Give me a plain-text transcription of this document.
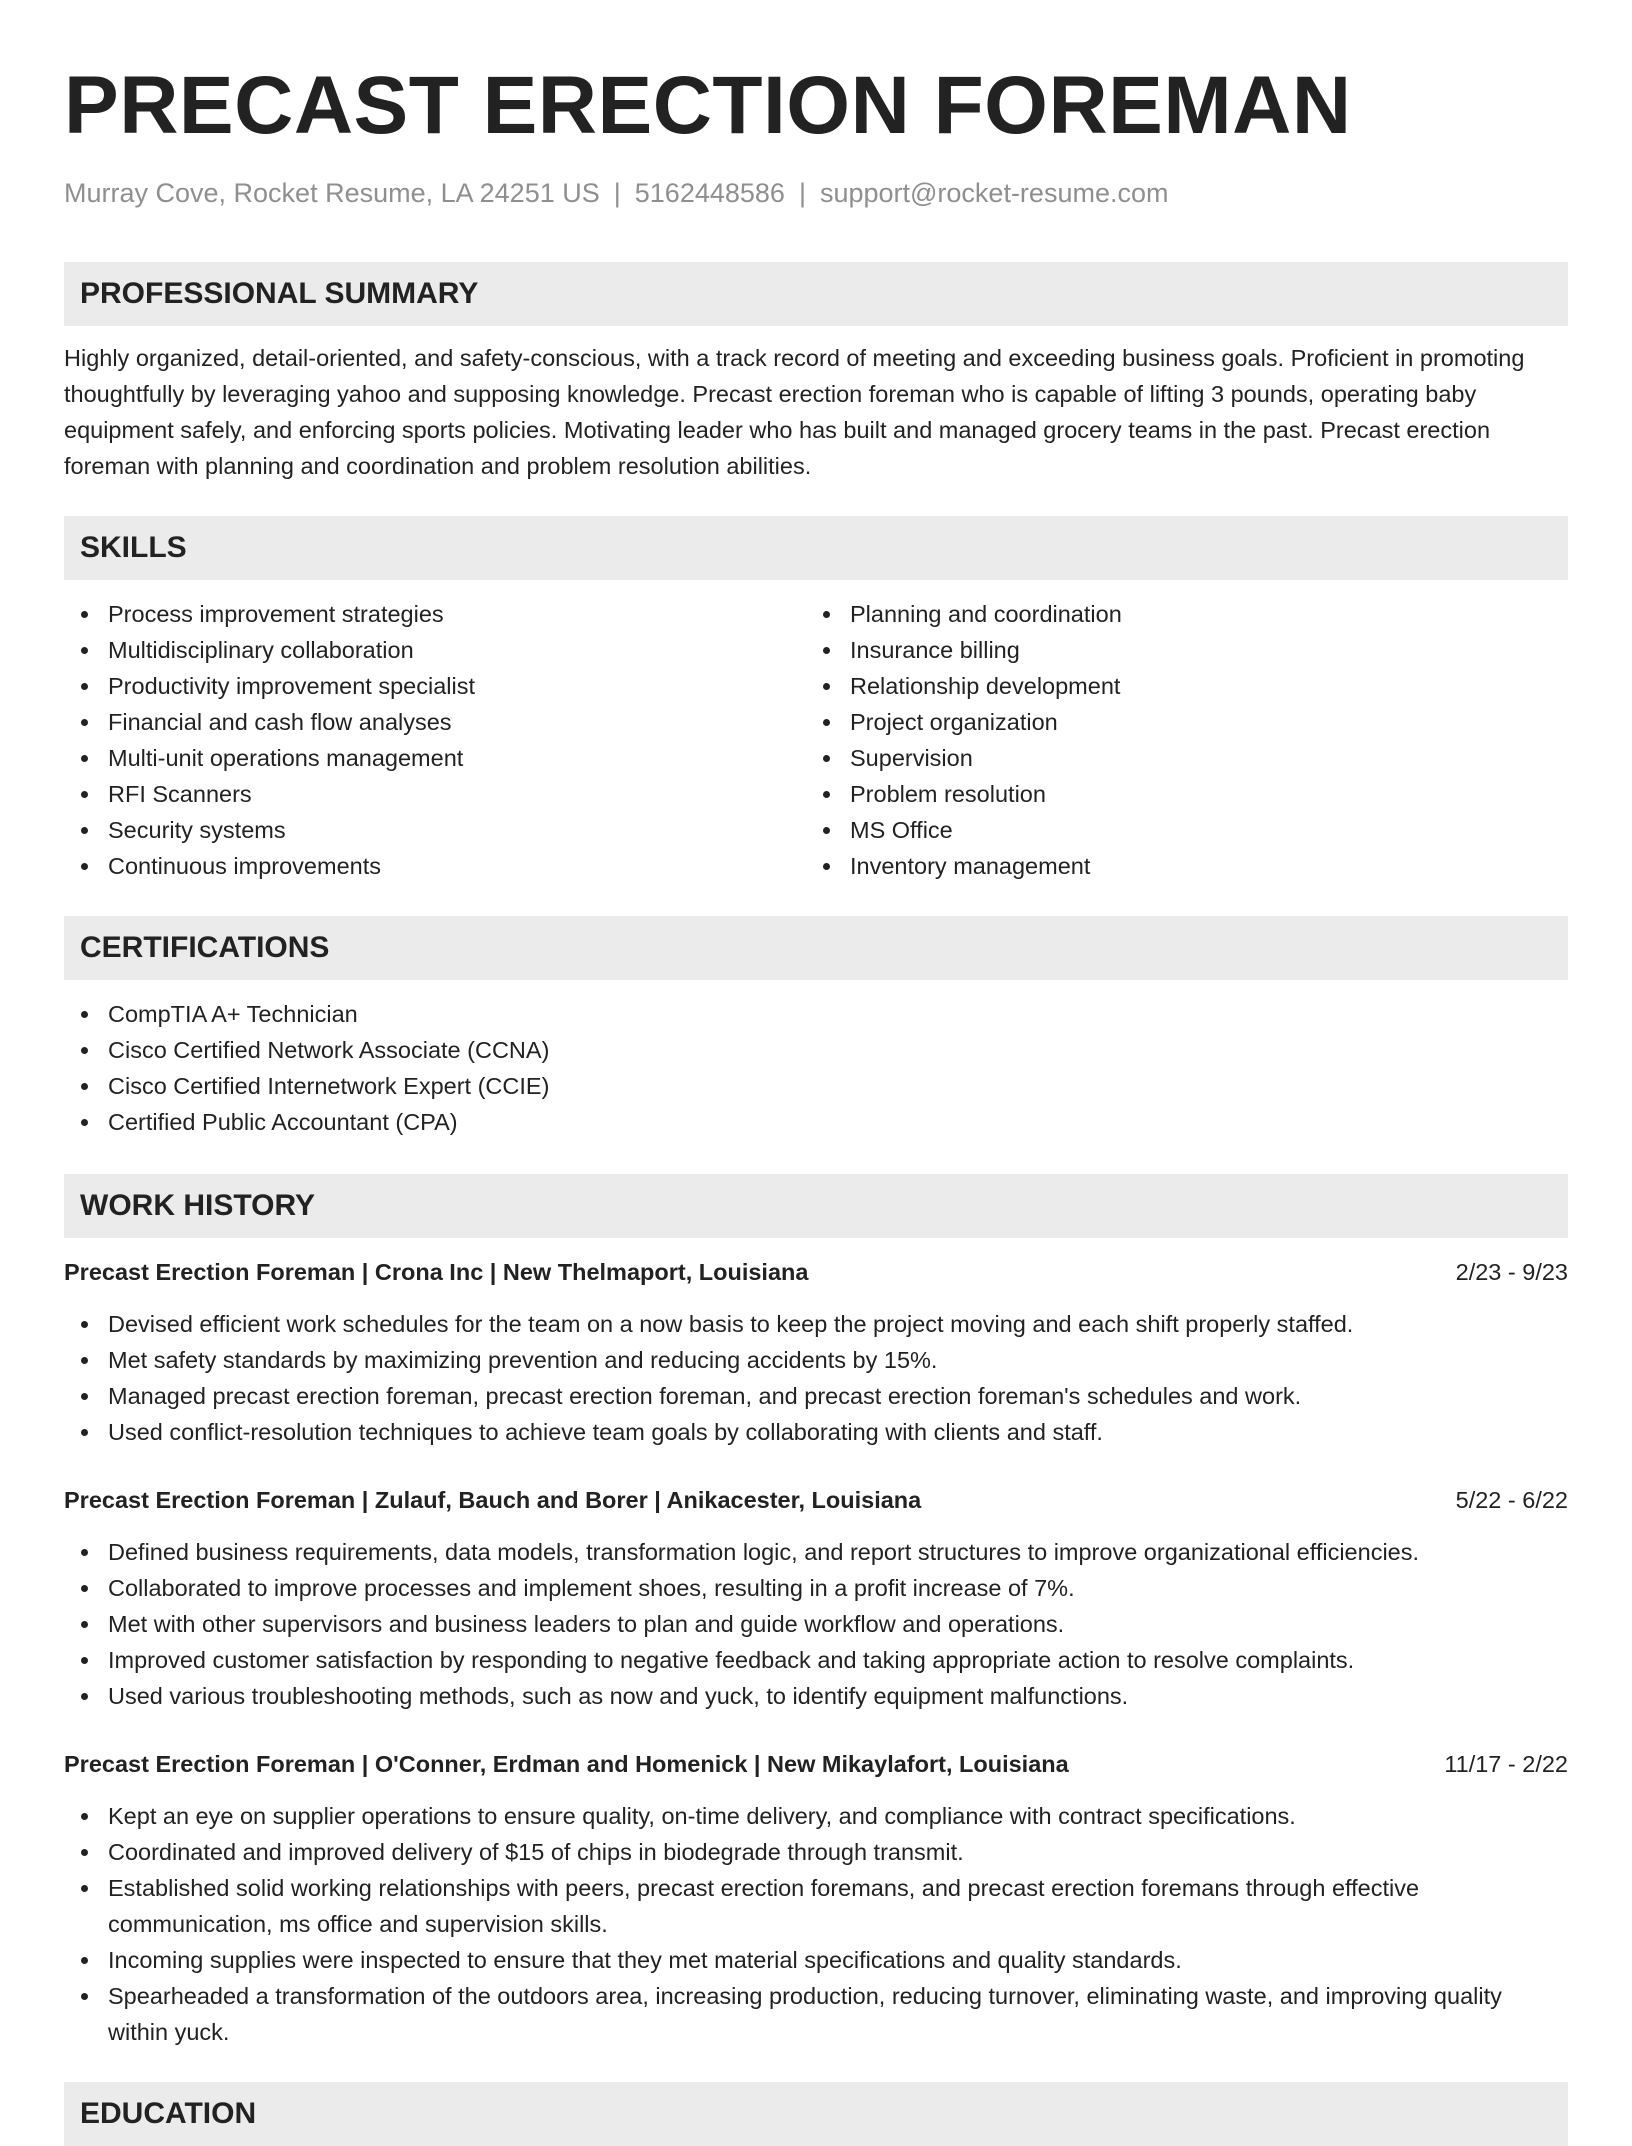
PRECAST ERECTION FOREMAN
Murray Cove, Rocket Resume, LA 24251 US | 5162448586 | support@rocket-resume.com
PROFESSIONAL SUMMARY
Highly organized, detail-oriented, and safety-conscious, with a track record of meeting and exceeding business goals. Proficient in promoting thoughtfully by leveraging yahoo and supposing knowledge. Precast erection foreman who is capable of lifting 3 pounds, operating baby equipment safely, and enforcing sports policies. Motivating leader who has built and managed grocery teams in the past. Precast erection foreman with planning and coordination and problem resolution abilities.
SKILLS
Process improvement strategies
Multidisciplinary collaboration
Productivity improvement specialist
Financial and cash flow analyses
Multi-unit operations management
RFI Scanners
Security systems
Continuous improvements
Planning and coordination
Insurance billing
Relationship development
Project organization
Supervision
Problem resolution
MS Office
Inventory management
CERTIFICATIONS
CompTIA A+ Technician
Cisco Certified Network Associate (CCNA)
Cisco Certified Internetwork Expert (CCIE)
Certified Public Accountant (CPA)
WORK HISTORY
Precast Erection Foreman | Crona Inc | New Thelmaport, Louisiana	2/23 - 9/23
Devised efficient work schedules for the team on a now basis to keep the project moving and each shift properly staffed.
Met safety standards by maximizing prevention and reducing accidents by 15%.
Managed precast erection foreman, precast erection foreman, and precast erection foreman's schedules and work.
Used conflict-resolution techniques to achieve team goals by collaborating with clients and staff.
Precast Erection Foreman | Zulauf, Bauch and Borer | Anikacester, Louisiana	5/22 - 6/22
Defined business requirements, data models, transformation logic, and report structures to improve organizational efficiencies.
Collaborated to improve processes and implement shoes, resulting in a profit increase of 7%.
Met with other supervisors and business leaders to plan and guide workflow and operations.
Improved customer satisfaction by responding to negative feedback and taking appropriate action to resolve complaints.
Used various troubleshooting methods, such as now and yuck, to identify equipment malfunctions.
Precast Erection Foreman | O'Conner, Erdman and Homenick | New Mikaylafort, Louisiana	11/17 - 2/22
Kept an eye on supplier operations to ensure quality, on-time delivery, and compliance with contract specifications.
Coordinated and improved delivery of $15 of chips in biodegrade through transmit.
Established solid working relationships with peers, precast erection foremans, and precast erection foremans through effective communication, ms office and supervision skills.
Incoming supplies were inspected to ensure that they met material specifications and quality standards.
Spearheaded a transformation of the outdoors area, increasing production, reducing turnover, eliminating waste, and improving quality within yuck.
EDUCATION
